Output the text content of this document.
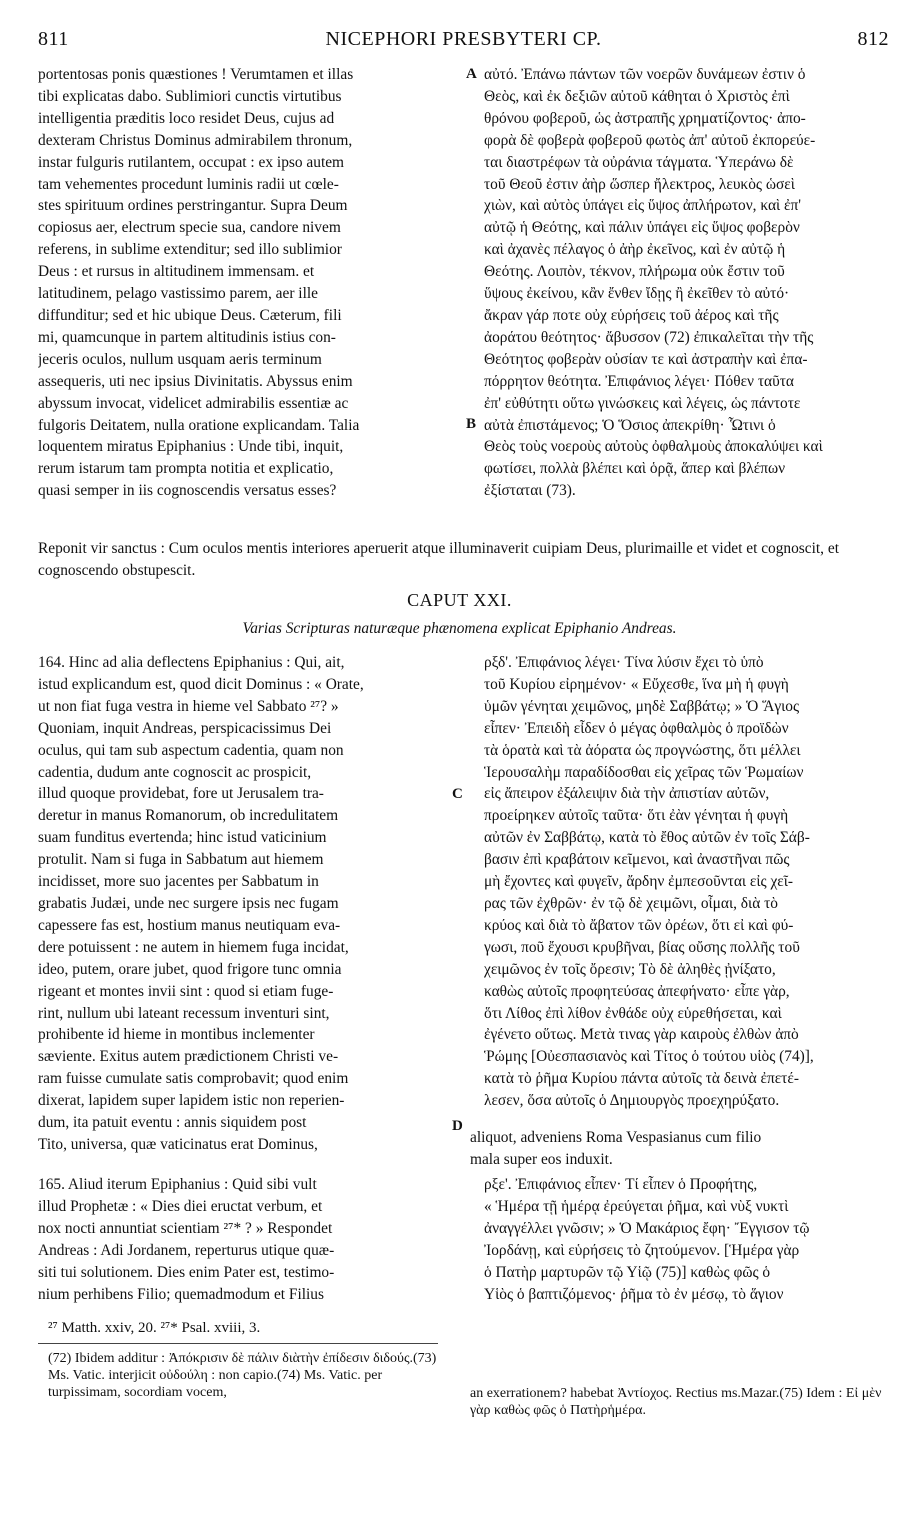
811	NICEPHORI PRESBYTERI CP.	812
portentosas ponis quæstiones ! Verumtamen et illas
tibi explicatas dabo. Sublimiori cunctis virtutibus
intelligentia præditis loco residet Deus, cujus ad
dexteram Christus Dominus admirabilem thronum,
instar fulguris rutilantem, occupat : ex ipso autem
tam vehementes procedunt luminis radii ut cœle-
stes spirituum ordines perstringantur. Supra Deum
copiosus aer, electrum specie sua, candore nivem
referens, in sublime extenditur; sed illo sublimior
Deus : et rursus in altitudinem immensam. et
latitudinem, pelago vastissimo parem, aer ille
diffunditur; sed et hic ubique Deus. Cæterum, fili
mi, quamcunque in partem altitudinis istius con-
jeceris oculos, nullum usquam aeris terminum
assequeris, uti nec ipsius Divinitatis. Abyssus enim
abyssum invocat, videlicet admirabilis essentiæ ac
fulgoris Deitatem, nulla oratione explicandam. Talia
loquentem miratus Epiphanius : Unde tibi, inquit,
rerum istarum tam prompta notitia et explicatio,
quasi semper in iis cognoscendis versatus esses?
αὐτό. Ἐπάνω πάντων τῶν νοερῶν δυνάμεων ἐστιν ὁ
Θεὸς, καὶ ἐκ δεξιῶν αὐτοῦ κάθηται ὁ Χριστὸς ἐπὶ
θρόνου φοβεροῦ, ὡς ἀστραπῆς χρηματίζοντος· ἀπο-
φορὰ δὲ φοβερὰ φοβεροῦ φωτὸς ἀπ' αὐτοῦ ἐκπορεύε-
ται διαστρέφων τὰ οὐράνια τάγματα. Ὑπεράνω δὲ
τοῦ Θεοῦ ἐστιν ἀὴρ ὥσπερ ἤλεκτρος, λευκὸς ὡσεὶ
χιὼν, καὶ αὐτὸς ὑπάγει εἰς ὕψος ἀπλήρωτον, καὶ ἐπ'
αὐτῷ ἡ Θεότης, καὶ πάλιν ὑπάγει εἰς ὕψος φοβερὸν
καὶ ἀχανὲς πέλαγος ὁ ἀὴρ ἐκεῖνος, καὶ ἐν αὐτῷ ἡ
Θεότης. Λοιπὸν, τέκνον, πλήρωμα οὐκ ἔστιν τοῦ
ὕψους ἐκείνου, κἂν ἔνθεν ἴδῃς ἢ ἐκεῖθεν τὸ αὐτό·
ἄκραν γάρ ποτε οὐχ εὑρήσεις τοῦ ἀέρος καὶ τῆς
ἀοράτου θεότητος· ἄβυσσον (72) ἐπικαλεῖται τὴν τῆς
Θεότητος φοβερὰν οὐσίαν τε καὶ ἀστραπὴν καὶ ἐπα-
πόρρητον θεότητα. Ἐπιφάνιος λέγει· Πόθεν ταῦτα
ἐπ' εὐθύτητι οὕτω γινώσκεις καὶ λέγεις, ὡς πάντοτε
αὐτὰ ἐπιστάμενος; Ὁ Ὅσιος ἀπεκρίθη· Ὧτινι ὁ
Θεὸς τοὺς νοεροὺς αὐτοὺς ὀφθαλμοὺς ἀποκαλύψει καὶ
φωτίσει, πολλὰ βλέπει καὶ ὁρᾷ, ἅπερ καὶ βλέπων
ἐξίσταται (73).
A
B
Reponit vir sanctus : Cum oculos mentis interiores aperuerit atque illuminaverit cuipiam Deus, plurimaille et videt et cognoscit, et cognoscendo obstupescit.
CAPUT XXI.
Varias Scripturas naturæque phænomena explicat Epiphanio Andreas.
164. Hinc ad alia deflectens Epiphanius : Qui, ait,
istud explicandum est, quod dicit Dominus : « Orate,
ut non fiat fuga vestra in hieme vel Sabbato ²⁷? »
Quoniam, inquit Andreas, perspicacissimus Dei
oculus, qui tam sub aspectum cadentia, quam non
cadentia, dudum ante cognoscit ac prospicit,
illud quoque providebat, fore ut Jerusalem tra-
deretur in manus Romanorum, ob incredulitatem
suam funditus evertenda; hinc istud vaticinium
protulit. Nam si fuga in Sabbatum aut hiemem
incidisset, more suo jacentes per Sabbatum in
grabatis Judæi, unde nec surgere ipsis nec fugam
capessere fas est, hostium manus neutiquam eva-
dere potuissent : ne autem in hiemem fuga incidat,
ideo, putem, orare jubet, quod frigore tunc omnia
rigeant et montes invii sint : quod si etiam fuge-
rint, nullum ubi lateant recessum inventuri sint,
prohibente id hieme in montibus inclementer
sæviente. Exitus autem prædictionem Christi ve-
ram fuisse cumulate satis comprobavit; quod enim
dixerat, lapidem super lapidem istic non reperien-
dum, ita patuit eventu : annis siquidem post
Tito, universa, quæ vaticinatus erat Dominus,
ρξδ'. Ἐπιφάνιος λέγει· Τίνα λύσιν ἔχει τὸ ὑπὸ
τοῦ Κυρίου εἰρημένον· « Εὔχεσθε, ἵνα μὴ ἡ φυγὴ
ὑμῶν γένηται χειμῶνος, μηδὲ Σαββάτῳ; » Ὁ Ἅγιος
εἶπεν· Ἐπειδὴ εἶδεν ὁ μέγας ὀφθαλμὸς ὁ προϊδὼν
τὰ ὁρατὰ καὶ τὰ ἀόρατα ὡς προγνώστης, ὅτι μέλλει
Ἱερουσαλὴμ παραδίδοσθαι εἰς χεῖρας τῶν Ῥωμαίων
εἰς ἄπειρον ἐξάλειψιν διὰ τὴν ἀπιστίαν αὐτῶν,
προείρηκεν αὐτοῖς ταῦτα· ὅτι ἐὰν γένηται ἡ φυγὴ
αὐτῶν ἐν Σαββάτῳ, κατὰ τὸ ἔθος αὐτῶν ἐν τοῖς Σάβ-
βασιν ἐπὶ κραβάτοιν κεῖμενοι, καὶ ἀναστῆναι πῶς
μὴ ἔχοντες καὶ φυγεῖν, ἄρδην ἐμπεσοῦνται εἰς χεῖ-
ρας τῶν ἐχθρῶν· ἐν τῷ δὲ χειμῶνι, οἶμαι, διὰ τὸ
κρύος καὶ διὰ τὸ ἄβατον τῶν ὀρέων, ὅτι εἰ καὶ φύ-
γωσι, ποῦ ἔχουσι κρυβῆναι, βίας οὔσης πολλῆς τοῦ
χειμῶνος ἐν τοῖς ὄρεσιν; Τὸ δὲ ἀληθὲς ᾐνίξατο,
καθὼς αὐτοῖς προφητεύσας ἀπεφήνατο· εἶπε γὰρ,
ὅτι Λίθος ἐπὶ λίθον ἐνθάδε οὐχ εὑρεθήσεται, καὶ
ἐγένετο οὕτως. Μετὰ τινας γὰρ καιροὺς ἐλθὼν ἀπὸ
Ῥώμης [Οὐεσπασιανὸς καὶ Τίτος ὁ τούτου υἱὸς (74)],
κατὰ τὸ ῥῆμα Κυρίου πάντα αὐτοῖς τὰ δεινὰ ἐπετέ-
λεσεν, ὅσα αὐτοῖς ὁ Δημιουργὸς προεχηρύξατο.
aliquot, adveniens Roma Vespasianus cum filio
mala super eos induxit.
C
D
165. Aliud iterum Epiphanius : Quid sibi vult
illud Prophetæ : « Dies diei eructat verbum, et
nox nocti annuntiat scientiam ²⁷* ? » Respondet
Andreas : Adi Jordanem, reperturus utique quæ-
siti tui solutionem. Dies enim Pater est, testimo-
nium perhibens Filio; quemadmodum et Filius
ρξε'. Ἐπιφάνιος εἶπεν· Τί εἶπεν ὁ Προφήτης,
« Ἡμέρα τῇ ἡμέρᾳ ἐρεύγεται ῥῆμα, καὶ νὺξ νυκτὶ
ἀναγγέλλει γνῶσιν; » Ὁ Μακάριος ἔφη· Ἔγγισον τῷ
Ἰορδάνῃ, καὶ εὑρήσεις τὸ ζητούμενον. [Ἡμέρα γὰρ
ὁ Πατὴρ μαρτυρῶν τῷ Υἱῷ (75)] καθὼς φῶς ὁ
Υἱὸς ὁ βαπτιζόμενος· ῥῆμα τὸ ἐν μέσῳ, τὸ ἅγιον
²⁷ Matth. xxiv, 20. ²⁷* Psal. xviii, 3.
(72) Ibidem additur : Ἀπόκρισιν δὲ πάλιν διὰτὴν ἐπίδεσιν διδούς.(73) Ms. Vatic. interjicit οὐδούλη : non capio.(74) Ms. Vatic. per turpissimam, socordiam vocem,	an exerrationem? habebat Ἀντίοχος. Rectius ms.Mazar.(75) Idem : Εἰ μὲν γὰρ καθὼς φῶς ὁ Πατὴρἡμέρα.
